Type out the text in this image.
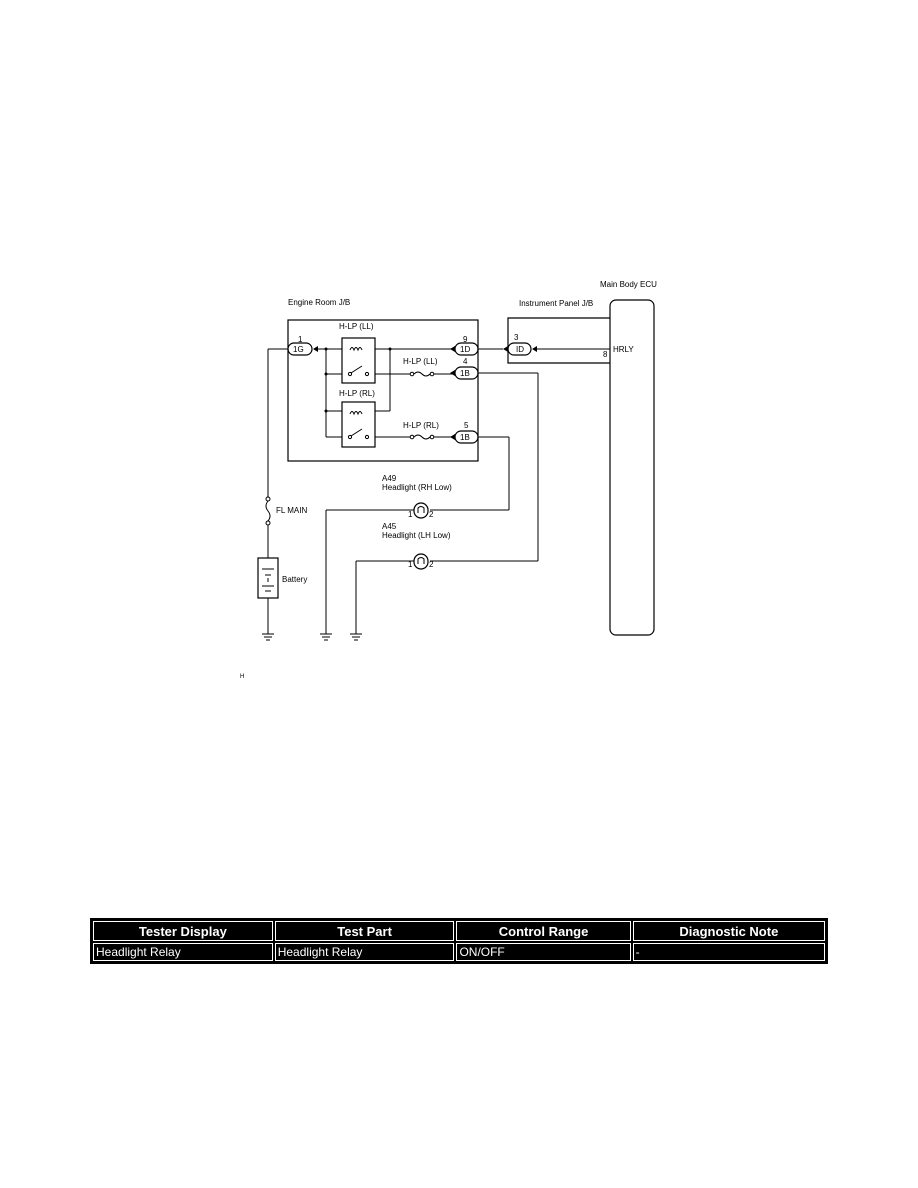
Main Body ECU
Instrument Panel J/B
Engine Room J/B
H-LP (LL)
H-LP (RL)
H-LP (LL)
H-LP (RL)
1
1G
9
1D
4
1B
5
1B
3
ID
8
HRLY
FL MAIN
Battery
A49
Headlight (RH Low)
1 2
A45
Headlight (LH Low)
1 2
H
Tester Display	Test Part	Control Range	Diagnostic Note
Headlight Relay	Headlight Relay	ON/OFF	-
